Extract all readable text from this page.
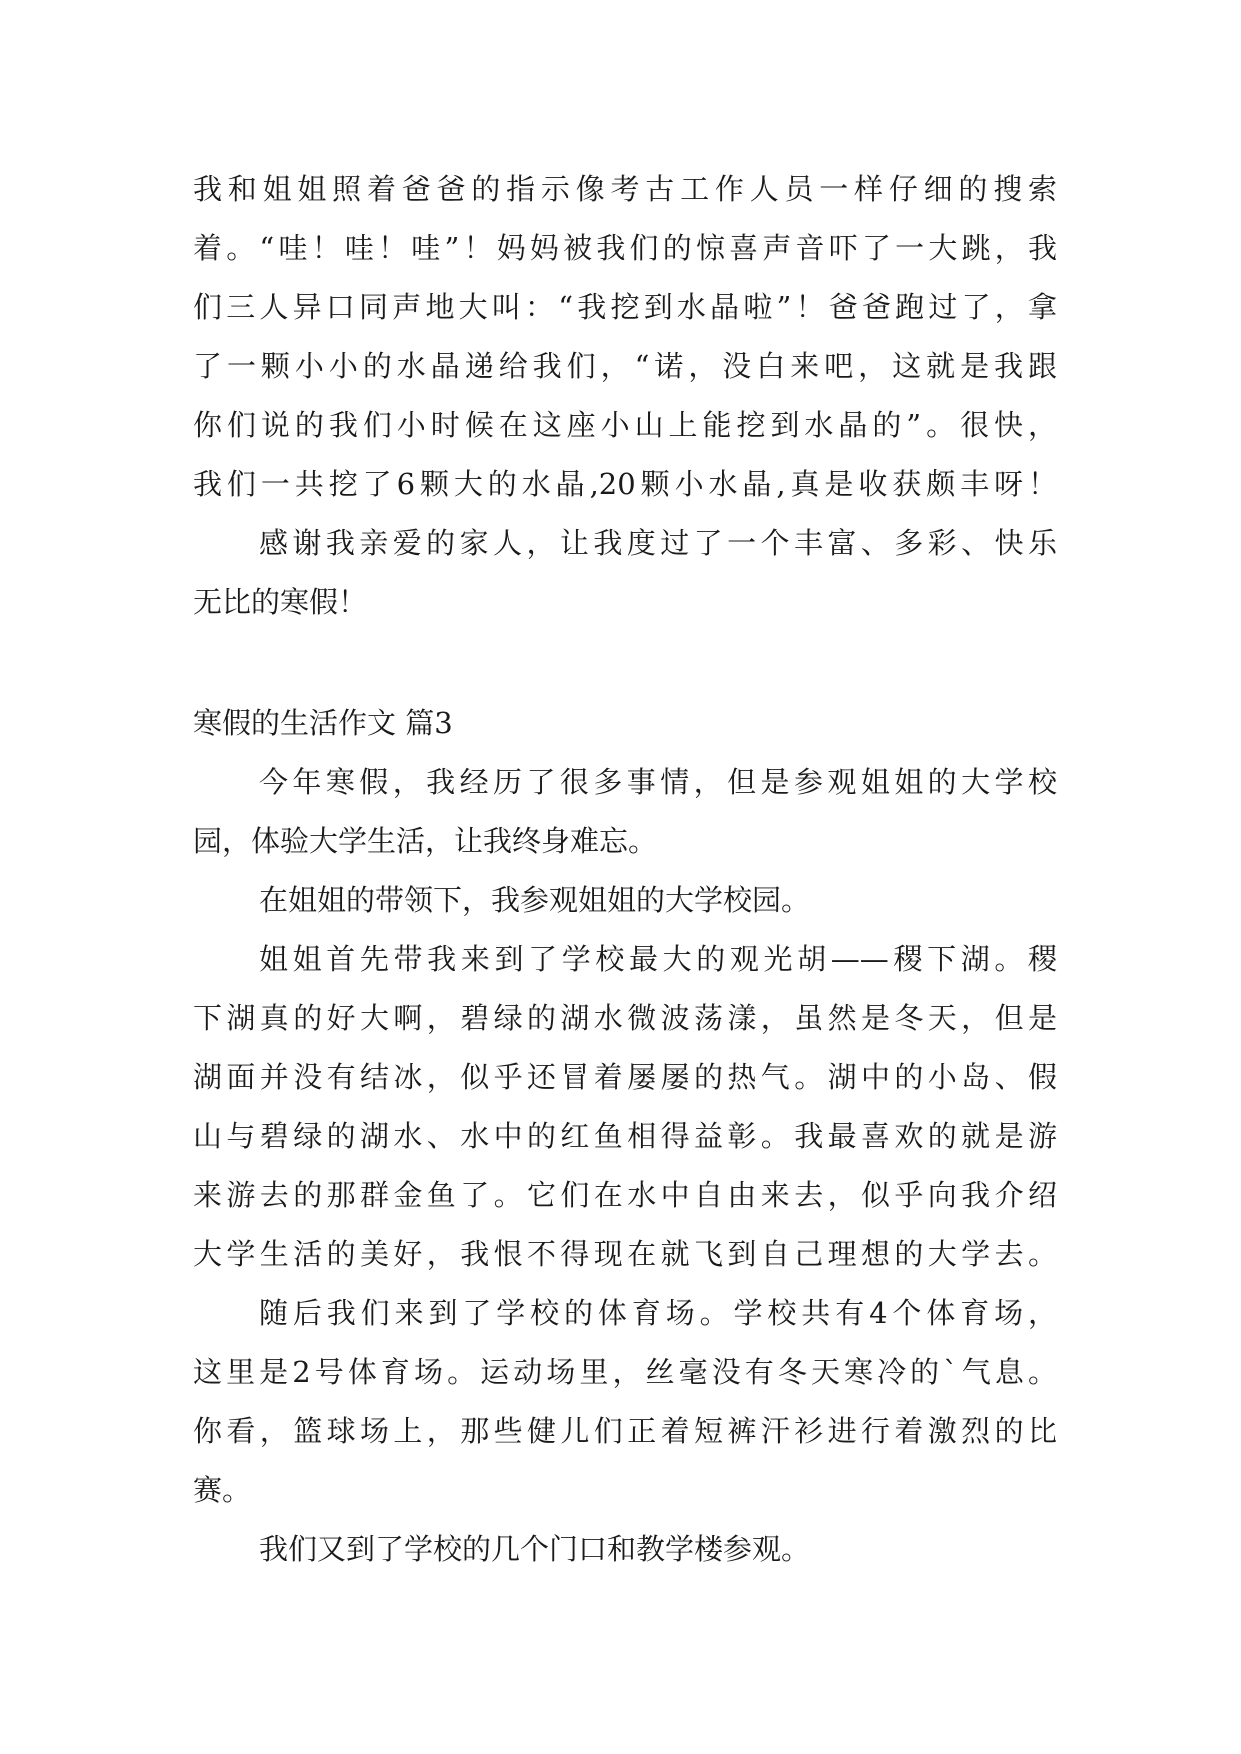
我和姐姐照着爸爸的指示像考古工作人员一样仔细的搜索
着。“哇！哇！哇”！妈妈被我们的惊喜声音吓了一大跳，我
们三人异口同声地大叫：“我挖到水晶啦”！爸爸跑过了，拿
了一颗小小的水晶递给我们，“诺，没白来吧，这就是我跟
你们说的我们小时候在这座小山上能挖到水晶的”。很快，
我们一共挖了6颗大的水晶,20颗小水晶,真是收获颇丰呀！
感谢我亲爱的家人，让我度过了一个丰富、多彩、快乐
无比的寒假！
寒假的生活作文 篇3
今年寒假，我经历了很多事情，但是参观姐姐的大学校
园，体验大学生活，让我终身难忘。
在姐姐的带领下，我参观姐姐的大学校园。
姐姐首先带我来到了学校最大的观光胡——稷下湖。稷
下湖真的好大啊，碧绿的湖水微波荡漾，虽然是冬天，但是
湖面并没有结冰，似乎还冒着屡屡的热气。湖中的小岛、假
山与碧绿的湖水、水中的红鱼相得益彰。我最喜欢的就是游
来游去的那群金鱼了。它们在水中自由来去，似乎向我介绍
大学生活的美好，我恨不得现在就飞到自己理想的大学去。
随后我们来到了学校的体育场。学校共有4个体育场，
这里是2号体育场。运动场里，丝毫没有冬天寒冷的`气息。
你看，篮球场上，那些健儿们正着短裤汗衫进行着激烈的比
赛。
我们又到了学校的几个门口和教学楼参观。
